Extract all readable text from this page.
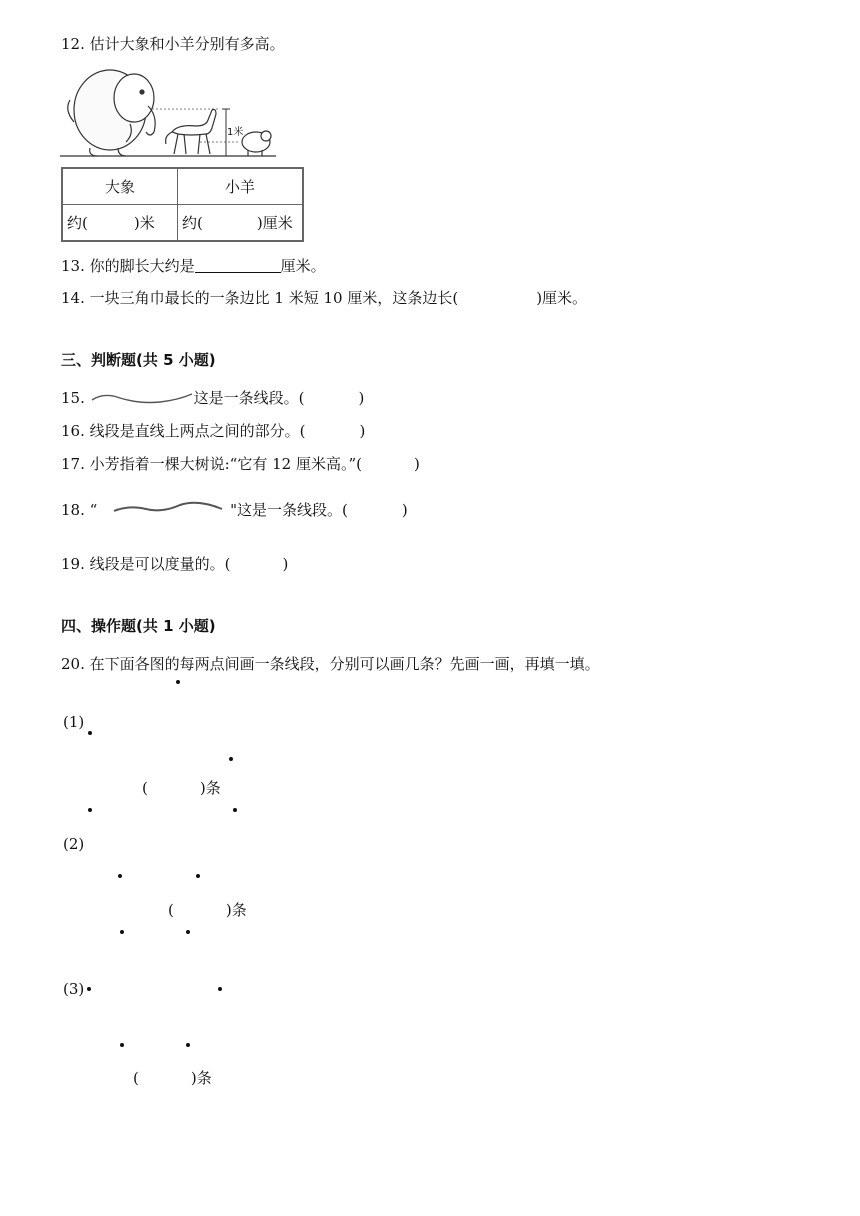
12. 估计大象和小羊分别有多高。
1米
大象	小羊
约( )米	约( )厘米
13. 你的脚长大约是	厘米。
14. 一块三角巾最长的一条边比 1 米短 10 厘米，这条边长(	)厘米。
三、判断题(共 5 小题)
15.	这是一条线段。(	)
16. 线段是直线上两点之间的部分。(	)
17. 小芳指着一棵大树说:“它有 12 厘米高。”(	)
18. “	"这是一条线段。(	)
19. 线段是可以度量的。(	)
四、操作题(共 1 小题)
20. 在下面各图的每两点间画一条线段，分别可以画几条？先画一画，再填一填。
(1)
(	)条
(2)
(	)条
(3)
(	)条
